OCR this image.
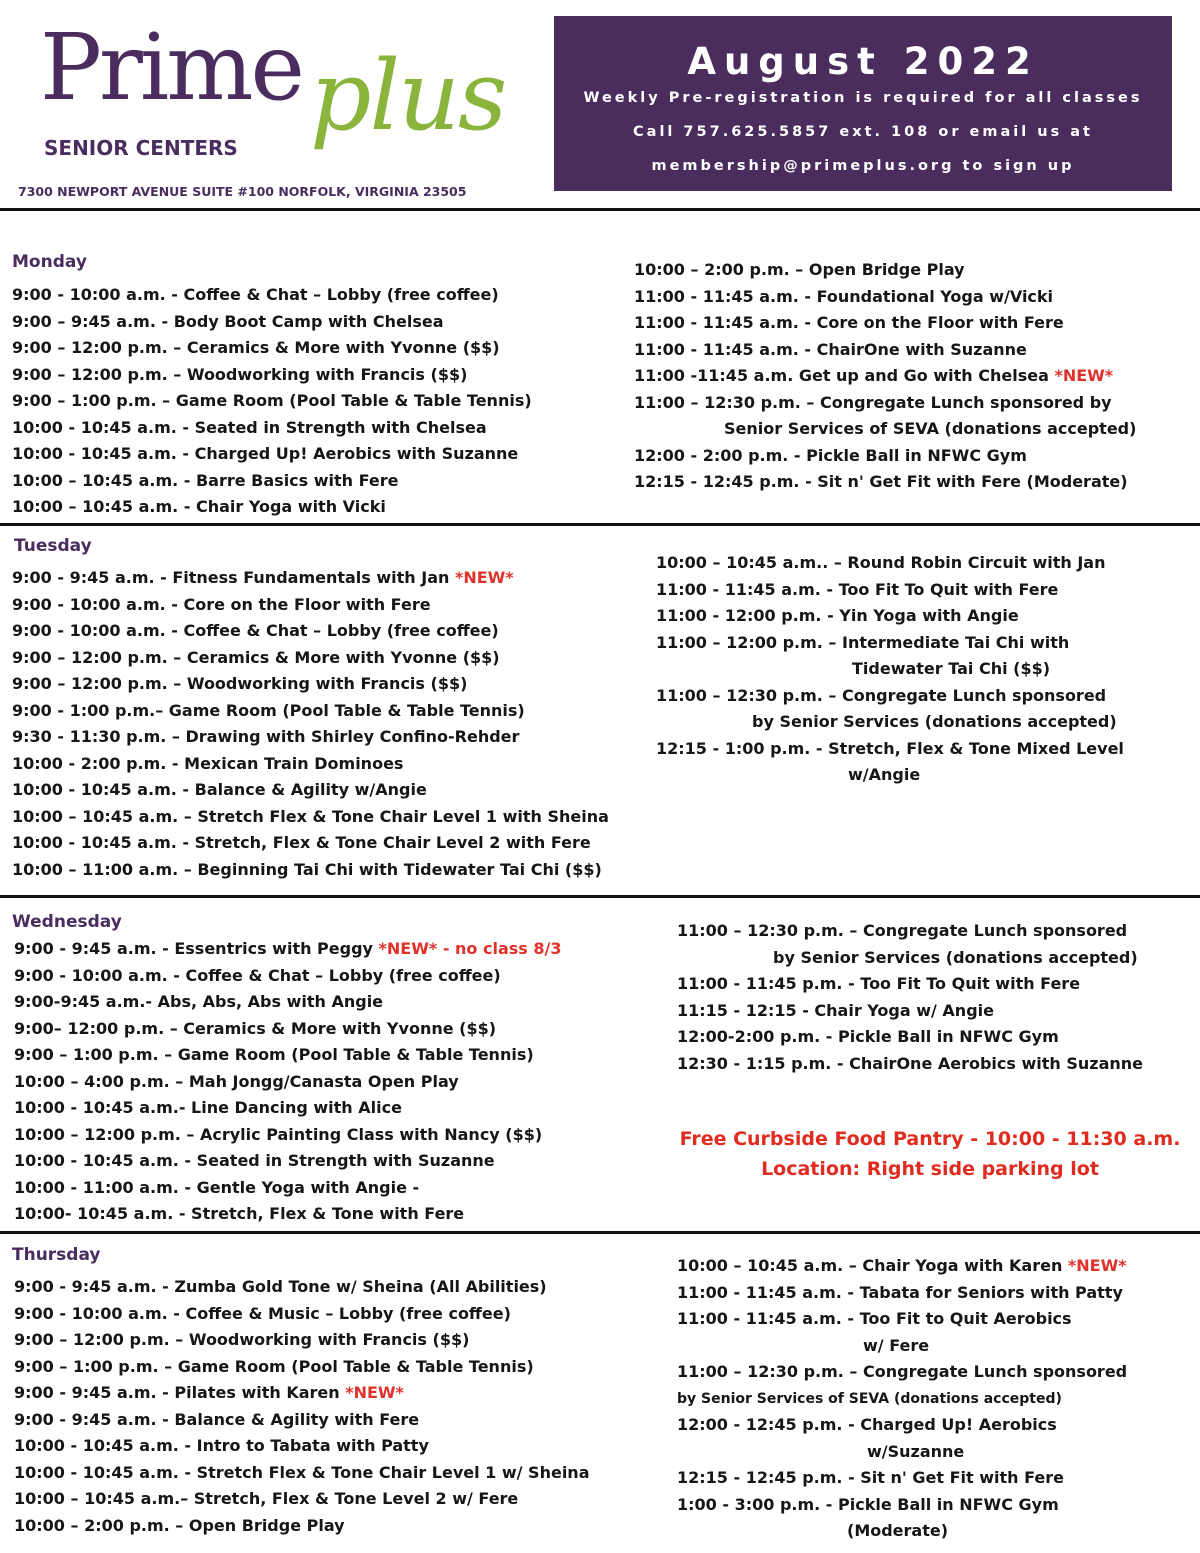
Prime plus
SENIOR CENTERS
7300 NEWPORT AVENUE SUITE #100 NORFOLK, VIRGINIA 23505
August 2022
Weekly Pre-registration is required for all classes
Call 757.625.5857 ext. 108 or email us at
membership@primeplus.org to sign up
Monday
9:00 - 10:00 a.m. - Coffee & Chat – Lobby (free coffee)
9:00 – 9:45 a.m. - Body Boot Camp with Chelsea
9:00 – 12:00 p.m. – Ceramics & More with Yvonne ($$)
9:00 – 12:00 p.m. – Woodworking with Francis ($$)
9:00 – 1:00 p.m. – Game Room (Pool Table & Table Tennis)
10:00 - 10:45 a.m. - Seated in Strength with Chelsea
10:00 - 10:45 a.m. - Charged Up! Aerobics with Suzanne
10:00 – 10:45 a.m. - Barre Basics with Fere
10:00 – 10:45 a.m. - Chair Yoga with Vicki
10:00 – 2:00 p.m. – Open Bridge Play
11:00 - 11:45 a.m. - Foundational Yoga w/Vicki
11:00 - 11:45 a.m. - Core on the Floor with Fere
11:00 - 11:45 a.m. - ChairOne with Suzanne
11:00 -11:45 a.m. Get up and Go with Chelsea *NEW*
11:00 – 12:30 p.m. – Congregate Lunch sponsored by
Senior Services of SEVA (donations accepted)
12:00 - 2:00 p.m. - Pickle Ball in NFWC Gym
12:15 - 12:45 p.m. - Sit n' Get Fit with Fere (Moderate)
Tuesday
9:00 - 9:45 a.m. - Fitness Fundamentals with Jan *NEW*
9:00 - 10:00 a.m. - Core on the Floor with Fere
9:00 - 10:00 a.m. - Coffee & Chat – Lobby (free coffee)
9:00 – 12:00 p.m. – Ceramics & More with Yvonne ($$)
9:00 – 12:00 p.m. – Woodworking with Francis ($$)
9:00 - 1:00 p.m.– Game Room (Pool Table & Table Tennis)
9:30 - 11:30 p.m. – Drawing with Shirley Confino-Rehder
10:00 - 2:00 p.m. - Mexican Train Dominoes
10:00 - 10:45 a.m. - Balance & Agility w/Angie
10:00 – 10:45 a.m. – Stretch Flex & Tone Chair Level 1 with Sheina
10:00 - 10:45 a.m. - Stretch, Flex & Tone Chair Level 2 with Fere
10:00 – 11:00 a.m. – Beginning Tai Chi with Tidewater Tai Chi ($$)
10:00 – 10:45 a.m.. – Round Robin Circuit with Jan
11:00 - 11:45 a.m. - Too Fit To Quit with Fere
11:00 - 12:00 p.m. - Yin Yoga with Angie
11:00 – 12:00 p.m. – Intermediate Tai Chi with
Tidewater Tai Chi ($$)
11:00 – 12:30 p.m. – Congregate Lunch sponsored
by Senior Services (donations accepted)
12:15 - 1:00 p.m. - Stretch, Flex & Tone Mixed Level
w/Angie
Wednesday
9:00 - 9:45 a.m. - Essentrics with Peggy *NEW* - no class 8/3
9:00 - 10:00 a.m. - Coffee & Chat – Lobby (free coffee)
9:00-9:45 a.m.- Abs, Abs, Abs with Angie
9:00– 12:00 p.m. – Ceramics & More with Yvonne ($$)
9:00 – 1:00 p.m. – Game Room (Pool Table & Table Tennis)
10:00 – 4:00 p.m. – Mah Jongg/Canasta Open Play
10:00 - 10:45 a.m.- Line Dancing with Alice
10:00 – 12:00 p.m. – Acrylic Painting Class with Nancy ($$)
10:00 - 10:45 a.m. - Seated in Strength with Suzanne
10:00 - 11:00 a.m. - Gentle Yoga with Angie -
10:00- 10:45 a.m. - Stretch, Flex & Tone with Fere
11:00 – 12:30 p.m. – Congregate Lunch sponsored
by Senior Services (donations accepted)
11:00 - 11:45 p.m. - Too Fit To Quit with Fere
11:15 - 12:15 - Chair Yoga w/ Angie
12:00-2:00 p.m. - Pickle Ball in NFWC Gym
12:30 - 1:15 p.m. - ChairOne Aerobics with Suzanne
Free Curbside Food Pantry - 10:00 - 11:30 a.m.
Location: Right side parking lot
Thursday
9:00 - 9:45 a.m. - Zumba Gold Tone w/ Sheina (All Abilities)
9:00 - 10:00 a.m. - Coffee & Music – Lobby (free coffee)
9:00 – 12:00 p.m. – Woodworking with Francis ($$)
9:00 – 1:00 p.m. – Game Room (Pool Table & Table Tennis)
9:00 - 9:45 a.m. - Pilates with Karen *NEW*
9:00 - 9:45 a.m. - Balance & Agility with Fere
10:00 - 10:45 a.m. - Intro to Tabata with Patty
10:00 - 10:45 a.m. - Stretch Flex & Tone Chair Level 1 w/ Sheina
10:00 – 10:45 a.m.– Stretch, Flex & Tone Level 2 w/ Fere
10:00 – 2:00 p.m. – Open Bridge Play
10:00 – 10:45 a.m. – Chair Yoga with Karen *NEW*
11:00 - 11:45 a.m. - Tabata for Seniors with Patty
11:00 - 11:45 a.m. - Too Fit to Quit Aerobics
w/ Fere
11:00 – 12:30 p.m. – Congregate Lunch sponsored
by Senior Services of SEVA (donations accepted)
12:00 - 12:45 p.m. - Charged Up! Aerobics
w/Suzanne
12:15 - 12:45 p.m. - Sit n' Get Fit with Fere
1:00 - 3:00 p.m. - Pickle Ball in NFWC Gym
(Moderate)
